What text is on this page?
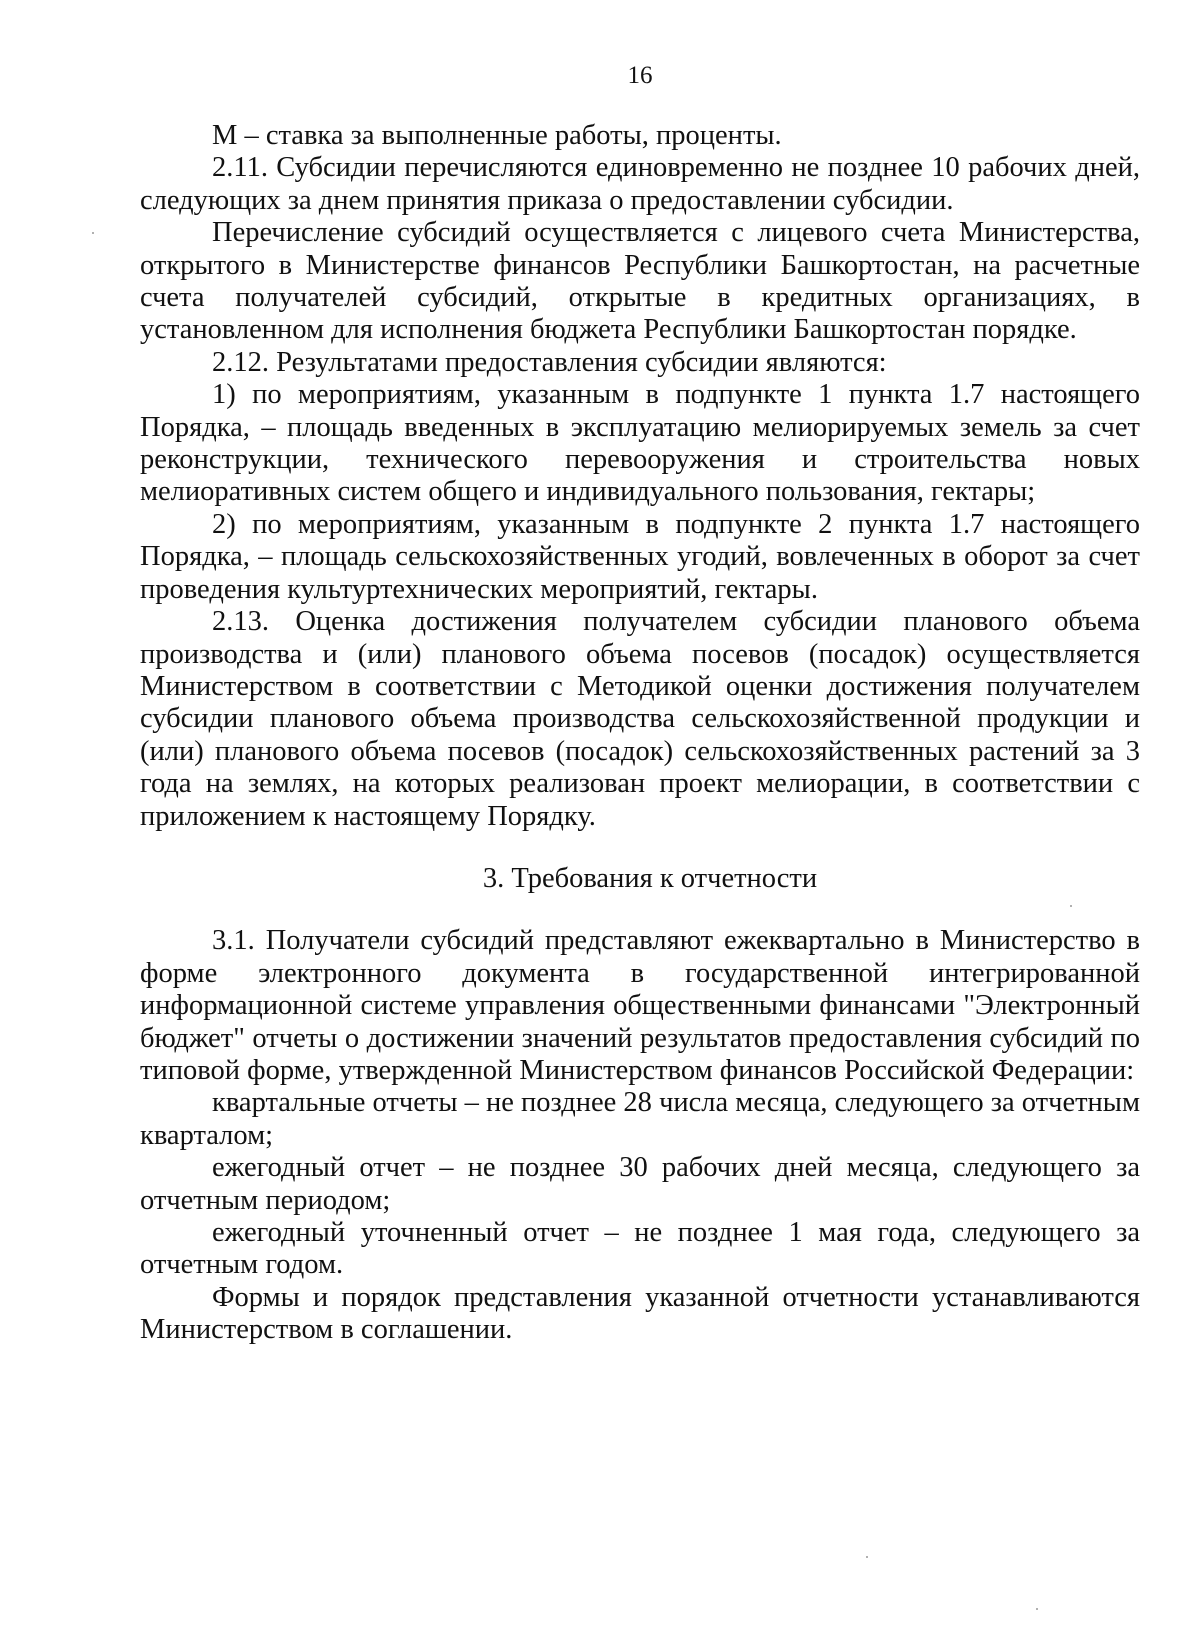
16

М – ставка за выполненные работы, проценты.

2.11. Субсидии перечисляются единовременно не позднее 10 рабочих дней, следующих за днем принятия приказа о предоставлении субсидии.

Перечисление субсидий осуществляется с лицевого счета Министерства, открытого в Министерстве финансов Республики Башкортостан, на расчетные счета получателей субсидий, открытые в кредитных организациях, в установленном для исполнения бюджета Республики Башкортостан порядке.

2.12. Результатами предоставления субсидии являются:

1) по мероприятиям, указанным в подпункте 1 пункта 1.7 настоящего Порядка, – площадь введенных в эксплуатацию мелиорируемых земель за счет реконструкции, технического перевооружения и строительства новых мелиоративных систем общего и индивидуального пользования, гектары;

2) по мероприятиям, указанным в подпункте 2 пункта 1.7 настоящего Порядка, – площадь сельскохозяйственных угодий, вовлеченных в оборот за счет проведения культуртехнических мероприятий, гектары.

2.13. Оценка достижения получателем субсидии планового объема производства и (или) планового объема посевов (посадок) осуществляется Министерством в соответствии с Методикой оценки достижения получателем субсидии планового объема производства сельскохозяйственной продукции и (или) планового объема посевов (посадок) сельскохозяйственных растений за 3 года на землях, на которых реализован проект мелиорации, в соответствии с приложением к настоящему Порядку.

3. Требования к отчетности

3.1. Получатели субсидий представляют ежеквартально в Министерство в форме электронного документа в государственной интегрированной информационной системе управления общественными финансами "Электронный бюджет" отчеты о достижении значений результатов предоставления субсидий по типовой форме, утвержденной Министерством финансов Российской Федерации:

квартальные отчеты – не позднее 28 числа месяца, следующего за отчетным кварталом;

ежегодный отчет – не позднее 30 рабочих дней месяца, следующего за отчетным периодом;

ежегодный уточненный отчет – не позднее 1 мая года, следующего за отчетным годом.

Формы и порядок представления указанной отчетности устанавливаются Министерством в соглашении.
